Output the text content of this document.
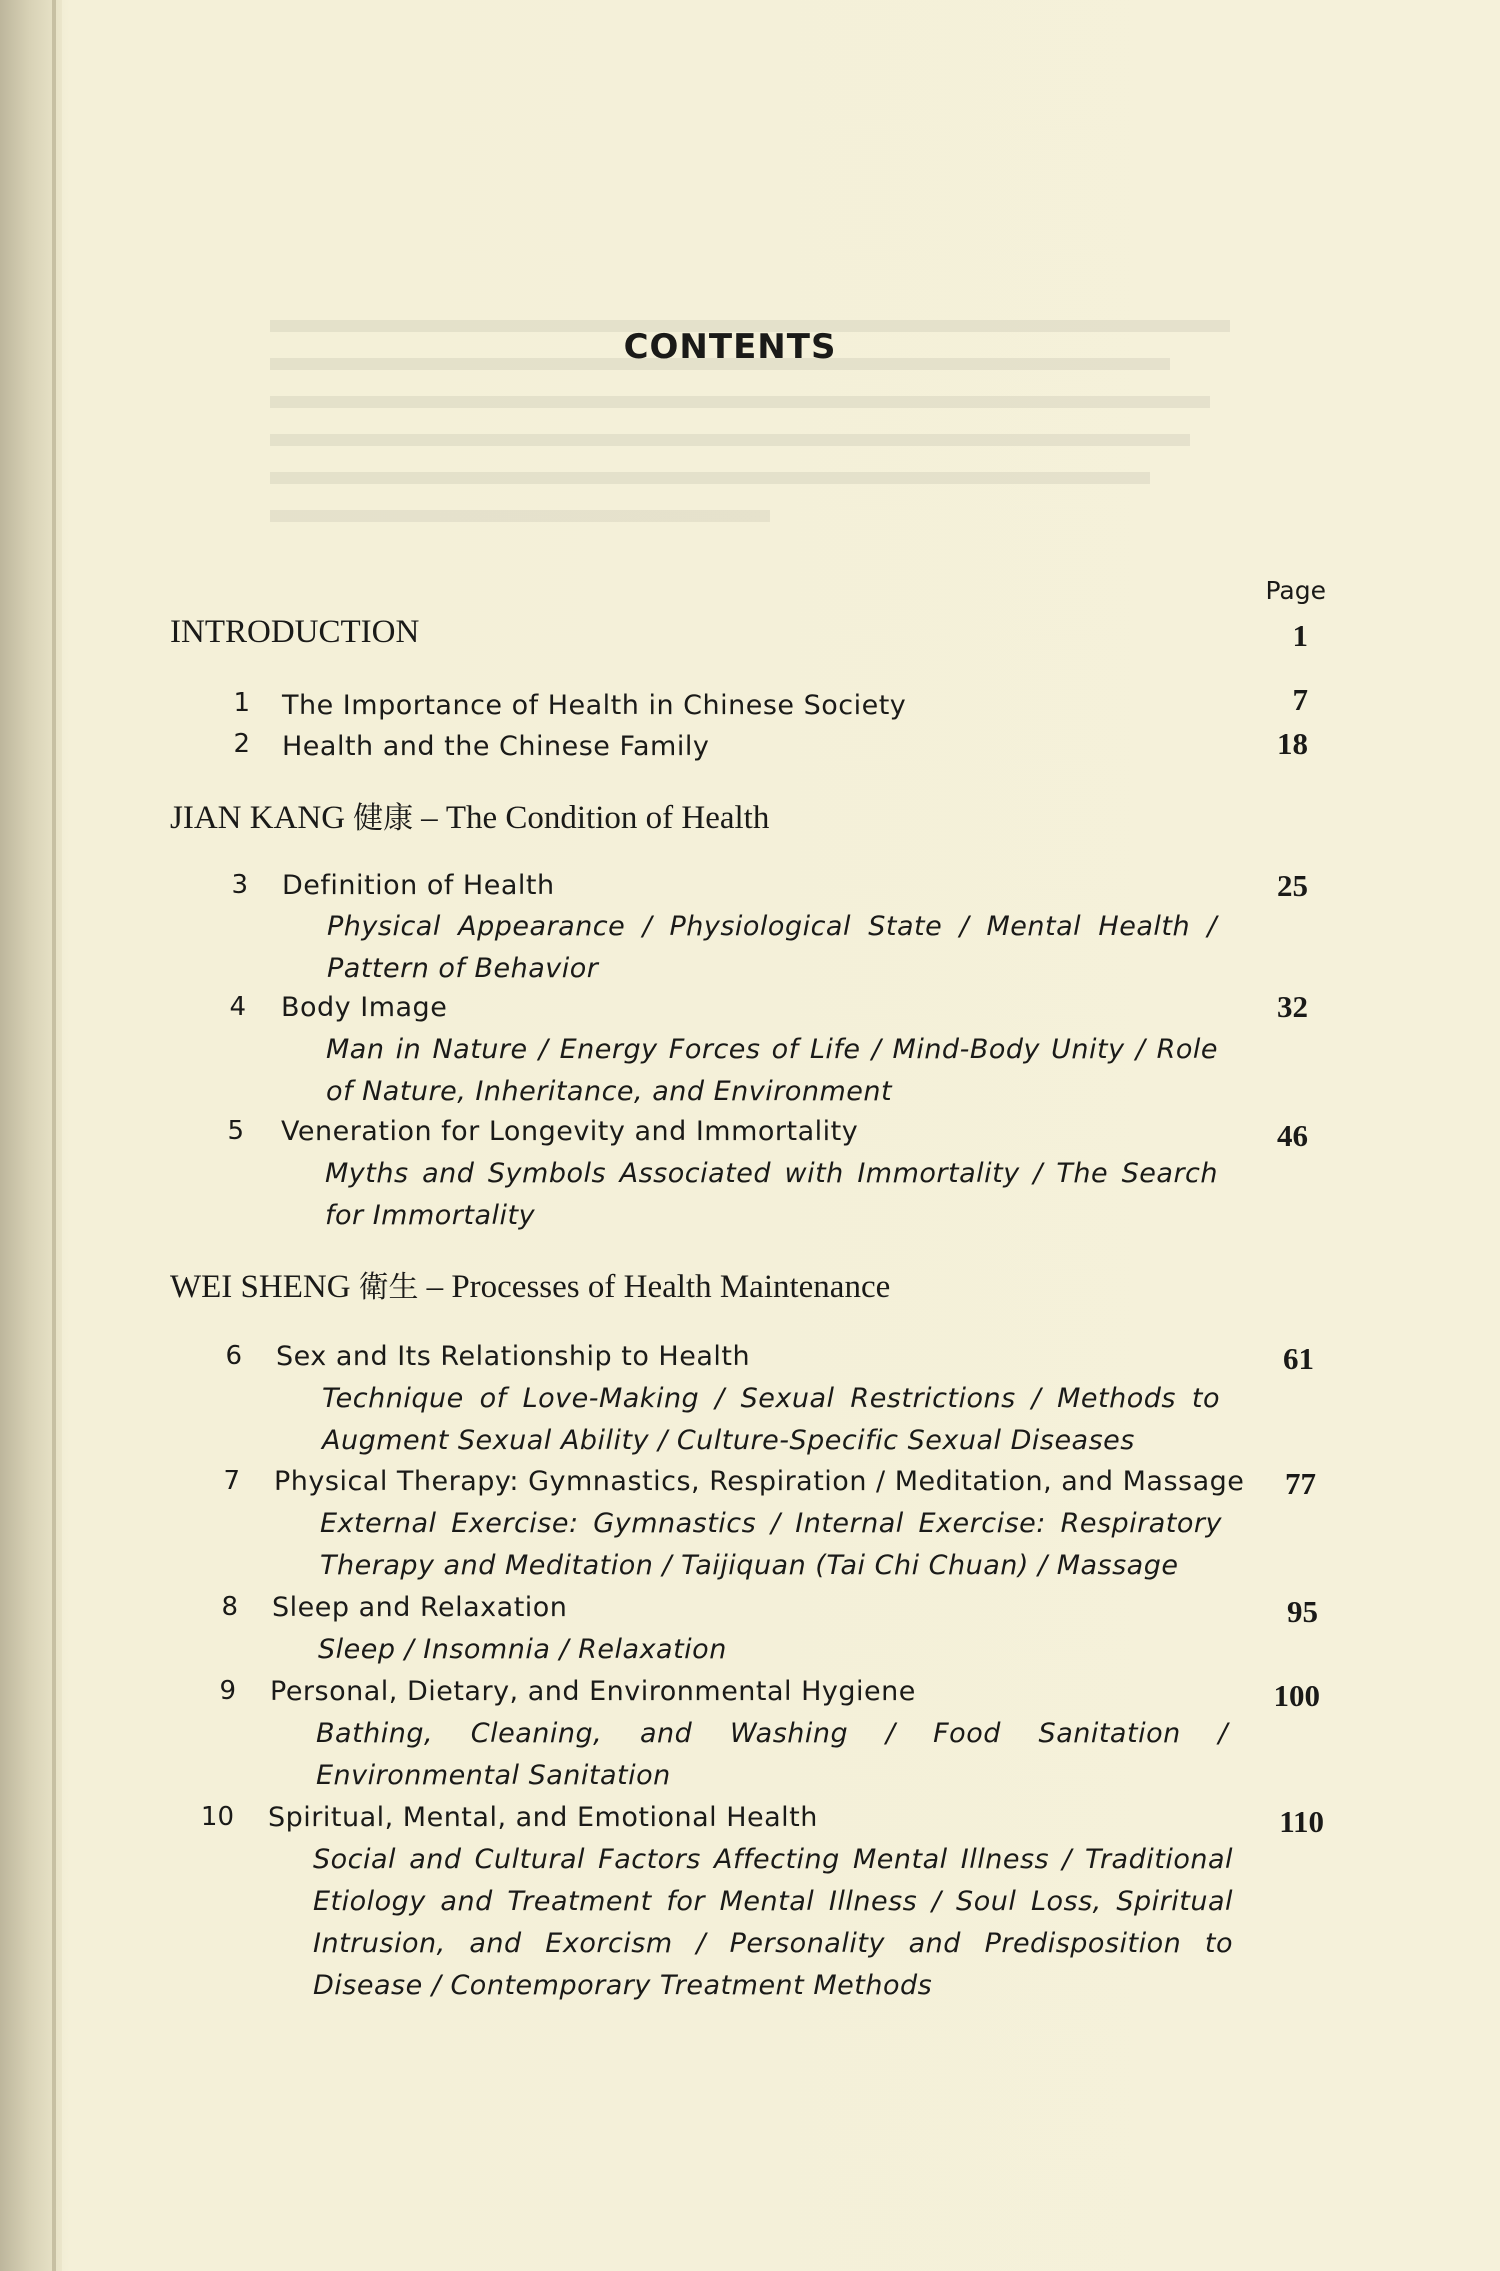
CONTENTS
Page
INTRODUCTION	1
1 The Importance of Health in Chinese Society	7
2 Health and the Chinese Family	18
JIAN KANG 健康 – The Condition of Health
3 Definition of Health	25
Physical Appearance / Physiological State / Mental Health / Pattern of Behavior
4 Body Image	32
Man in Nature / Energy Forces of Life / Mind-Body Unity / Role of Nature, Inheritance, and Environment
5 Veneration for Longevity and Immortality	46
Myths and Symbols Associated with Immortality / The Search for Immortality
WEI SHENG 衛生 – Processes of Health Maintenance
6 Sex and Its Relationship to Health	61
Technique of Love-Making / Sexual Restrictions / Methods to Augment Sexual Ability / Culture-Specific Sexual Diseases
7 Physical Therapy: Gymnastics, Respiration / Meditation, and Massage	77
External Exercise: Gymnastics / Internal Exercise: Respiratory Therapy and Meditation / Taijiquan (Tai Chi Chuan) / Massage
8 Sleep and Relaxation	95
Sleep / Insomnia / Relaxation
9 Personal, Dietary, and Environmental Hygiene	100
Bathing, Cleaning, and Washing / Food Sanitation / Environmental Sanitation
10 Spiritual, Mental, and Emotional Health	110
Social and Cultural Factors Affecting Mental Illness / Traditional Etiology and Treatment for Mental Illness / Soul Loss, Spiritual Intrusion, and Exorcism / Personality and Predisposition to Disease / Contemporary Treatment Methods
